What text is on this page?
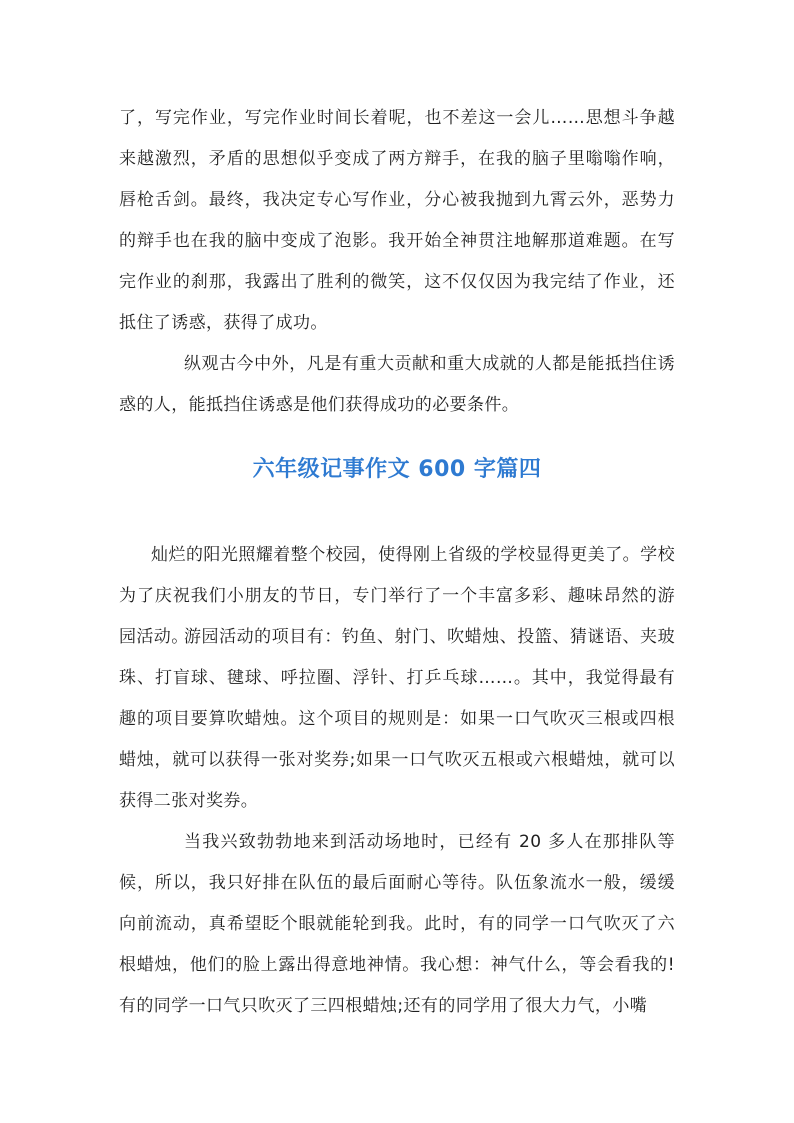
了，写完作业，写完作业时间长着呢，也不差这一会儿……思想斗争越来越激烈，矛盾的思想似乎变成了两方辩手，在我的脑子里嗡嗡作响，唇枪舌剑。最终，我决定专心写作业，分心被我抛到九霄云外，恶势力的辩手也在我的脑中变成了泡影。我开始全神贯注地解那道难题。在写完作业的刹那，我露出了胜利的微笑，这不仅仅因为我完结了作业，还抵住了诱惑，获得了成功。

纵观古今中外，凡是有重大贡献和重大成就的人都是能抵挡住诱惑的人，能抵挡住诱惑是他们获得成功的必要条件。

六年级记事作文 600 字篇四

灿烂的阳光照耀着整个校园，使得刚上省级的学校显得更美了。学校为了庆祝我们小朋友的节日，专门举行了一个丰富多彩、趣味昂然的游园活动。

游园活动的项目有：钓鱼、射门、吹蜡烛、投篮、猜谜语、夹玻珠、打盲球、毽球、呼拉圈、浮针、打乒乓球……。其中，我觉得最有趣的项目要算吹蜡烛。这个项目的规则是：如果一口气吹灭三根或四根蜡烛，就可以获得一张对奖券;如果一口气吹灭五根或六根蜡烛，就可以获得二张对奖券。

当我兴致勃勃地来到活动场地时，已经有 20 多人在那排队等候，所以，我只好排在队伍的最后面耐心等待。队伍象流水一般，缓缓向前流动，真希望眨个眼就能轮到我。此时，有的同学一口气吹灭了六根蜡烛，他们的脸上露出得意地神情。我心想：神气什么，等会看我的!有的同学一口气只吹灭了三四根蜡烛;还有的同学用了很大力气，小嘴
